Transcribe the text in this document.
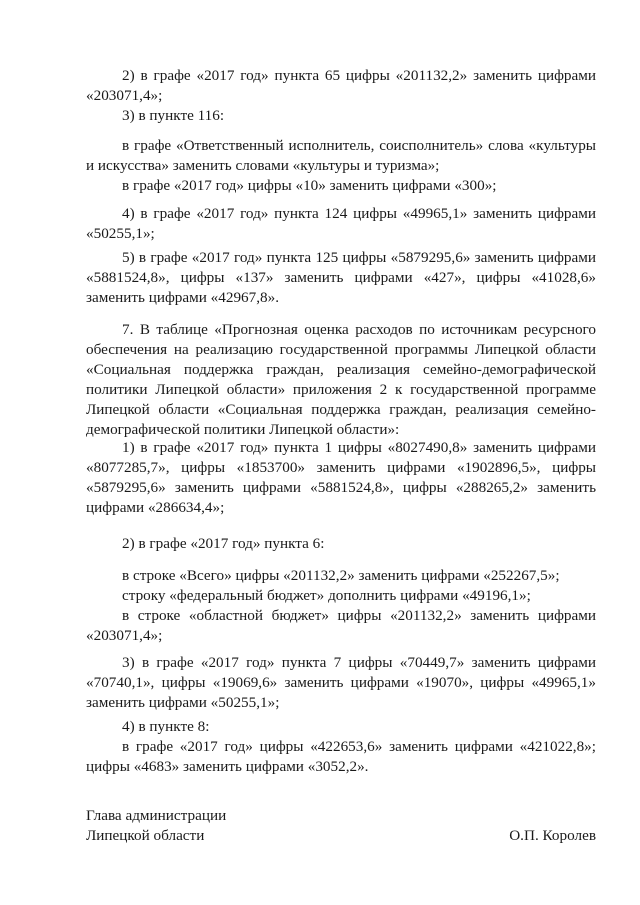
2) в графе «2017 год» пункта 65 цифры «201132,2» заменить цифрами
«203071,4»;
3) в пункте 116:
в графе «Ответственный исполнитель, соисполнитель» слова «культуры
и искусства» заменить словами «культуры и туризма»;
в графе «2017 год» цифры «10» заменить цифрами «300»;
4) в графе «2017 год» пункта 124 цифры «49965,1» заменить цифрами
«50255,1»;
5) в графе «2017 год» пункта 125 цифры «5879295,6» заменить цифрами
«5881524,8», цифры «137» заменить цифрами «427», цифры «41028,6»
заменить цифрами «42967,8».
7. В таблице «Прогнозная оценка расходов по источникам ресурсного
обеспечения на реализацию государственной программы Липецкой области
«Социальная поддержка граждан, реализация семейно-демографической
политики Липецкой области» приложения 2 к государственной программе
Липецкой области «Социальная поддержка граждан, реализация семейно-
демографической политики Липецкой области»:
1) в графе «2017 год» пункта 1 цифры «8027490,8» заменить цифрами
«8077285,7», цифры «1853700» заменить цифрами «1902896,5», цифры
«5879295,6» заменить цифрами «5881524,8», цифры «288265,2» заменить
цифрами «286634,4»;
2) в графе «2017 год» пункта 6:
в строке «Всего» цифры «201132,2» заменить цифрами «252267,5»;
строку «федеральный бюджет» дополнить цифрами «49196,1»;
в строке «областной бюджет» цифры «201132,2» заменить цифрами
«203071,4»;
3) в графе «2017 год» пункта 7 цифры «70449,7» заменить цифрами
«70740,1», цифры «19069,6» заменить цифрами «19070», цифры «49965,1»
заменить цифрами «50255,1»;
4) в пункте 8:
в графе «2017 год» цифры «422653,6» заменить цифрами «421022,8»;
цифры «4683» заменить цифрами «3052,2».
Глава администрации
Липецкой области	О.П. Королев
